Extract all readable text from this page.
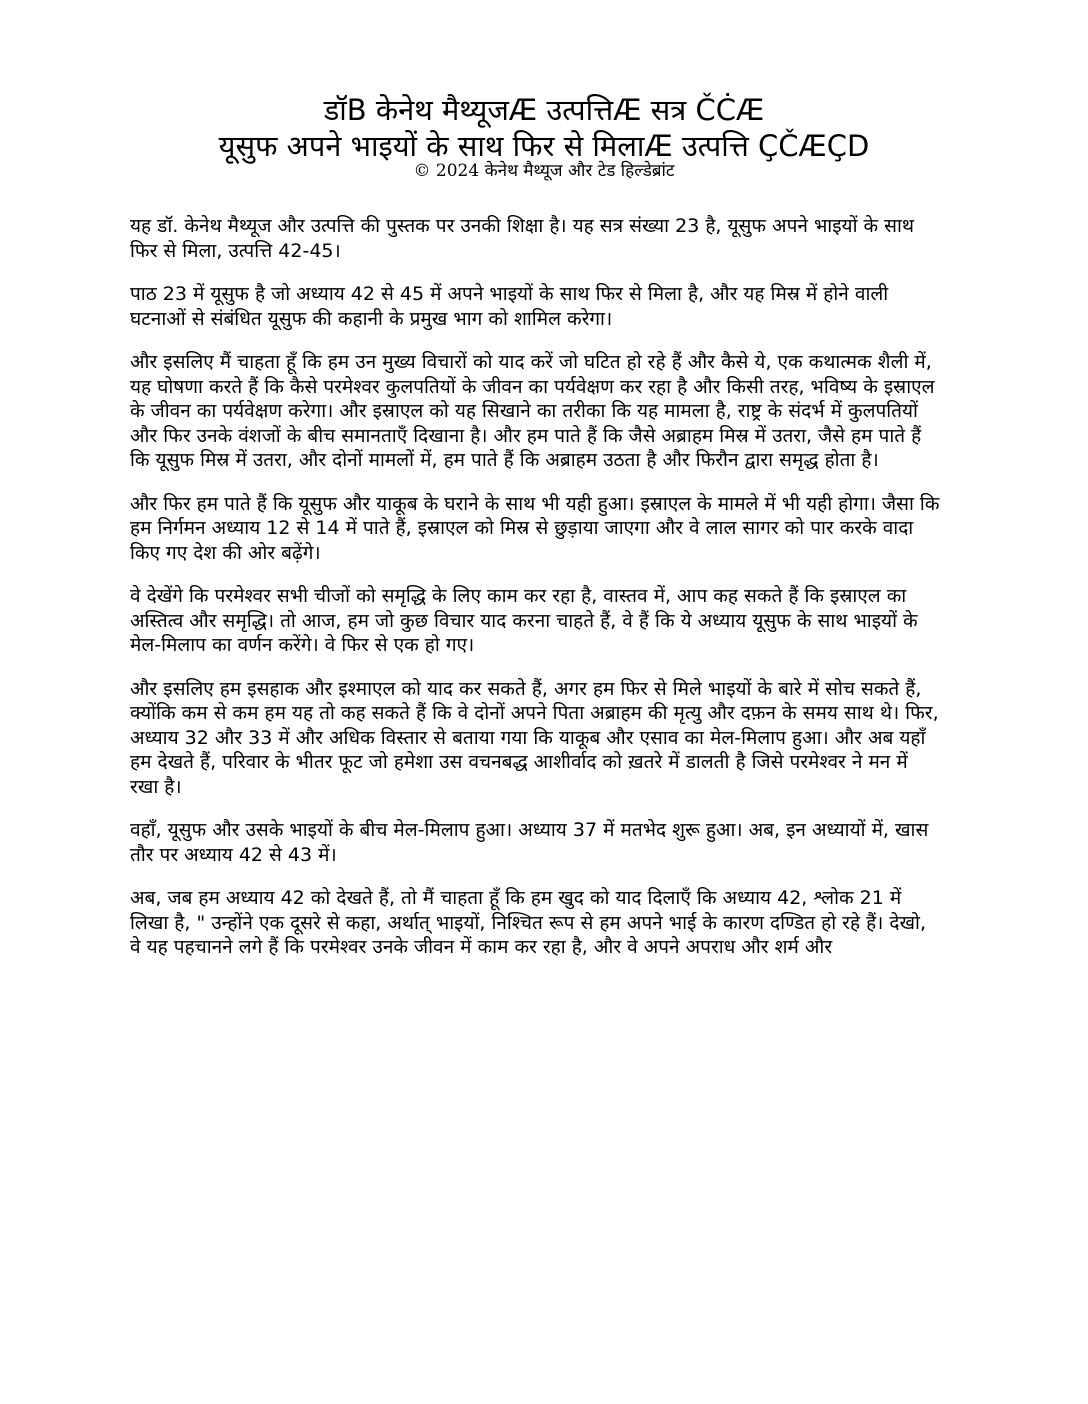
डॉB केनेथ मैथ्यूजÆ उत्पत्तिÆ सत्र ČĊÆ
यूसुफ अपने भाइयों के साथ फिर से मिलाÆ उत्पत्ति ÇČÆÇD
© 2024 केनेथ मैथ्यूज और टेड हिल्डेब्रांट

यह डॉ. केनेथ मैथ्यूज और उत्पत्ति की पुस्तक पर उनकी शिक्षा है। यह सत्र संख्या 23 है, यूसुफ अपने भाइयों के साथ फिर से मिला, उत्पत्ति 42-45।

पाठ 23 में यूसुफ है जो अध्याय 42 से 45 में अपने भाइयों के साथ फिर से मिला है, और यह मिस्र में होने वाली घटनाओं से संबंधित यूसुफ की कहानी के प्रमुख भाग को शामिल करेगा।

और इसलिए मैं चाहता हूँ कि हम उन मुख्य विचारों को याद करें जो घटित हो रहे हैं और कैसे ये, एक कथात्मक शैली में, यह घोषणा करते हैं कि कैसे परमेश्वर कुलपतियों के जीवन का पर्यवेक्षण कर रहा है और किसी तरह, भविष्य के इस्राएल के जीवन का पर्यवेक्षण करेगा। और इस्राएल को यह सिखाने का तरीका कि यह मामला है, राष्ट्र के संदर्भ में कुलपतियों और फिर उनके वंशजों के बीच समानताएँ दिखाना है। और हम पाते हैं कि जैसे अब्राहम मिस्र में उतरा, जैसे हम पाते हैं कि यूसुफ मिस्र में उतरा, और दोनों मामलों में, हम पाते हैं कि अब्राहम उठता है और फिरौन द्वारा समृद्ध होता है।

और फिर हम पाते हैं कि यूसुफ और याकूब के घराने के साथ भी यही हुआ। इस्राएल के मामले में भी यही होगा। जैसा कि हम निर्गमन अध्याय 12 से 14 में पाते हैं, इस्राएल को मिस्र से छुड़ाया जाएगा और वे लाल सागर को पार करके वादा किए गए देश की ओर बढ़ेंगे।

वे देखेंगे कि परमेश्वर सभी चीजों को समृद्धि के लिए काम कर रहा है, वास्तव में, आप कह सकते हैं कि इस्राएल का अस्तित्व और समृद्धि। तो आज, हम जो कुछ विचार याद करना चाहते हैं, वे हैं कि ये अध्याय यूसुफ के साथ भाइयों के मेल-मिलाप का वर्णन करेंगे। वे फिर से एक हो गए।

और इसलिए हम इसहाक और इश्माएल को याद कर सकते हैं, अगर हम फिर से मिले भाइयों के बारे में सोच सकते हैं, क्योंकि कम से कम हम यह तो कह सकते हैं कि वे दोनों अपने पिता अब्राहम की मृत्यु और दफ़न के समय साथ थे। फिर, अध्याय 32 और 33 में और अधिक विस्तार से बताया गया कि याकूब और एसाव का मेल-मिलाप हुआ। और अब यहाँ हम देखते हैं, परिवार के भीतर फूट जो हमेशा उस वचनबद्ध आशीर्वाद को ख़तरे में डालती है जिसे परमेश्वर ने मन में रखा है।

वहाँ, यूसुफ और उसके भाइयों के बीच मेल-मिलाप हुआ। अध्याय 37 में मतभेद शुरू हुआ। अब, इन अध्यायों में, खास तौर पर अध्याय 42 से 43 में।

अब, जब हम अध्याय 42 को देखते हैं, तो मैं चाहता हूँ कि हम खुद को याद दिलाएँ कि अध्याय 42, श्लोक 21 में लिखा है, " उन्होंने एक दूसरे से कहा, अर्थात् भाइयों, निश्चित रूप से हम अपने भाई के कारण दण्डित हो रहे हैं। देखो, वे यह पहचानने लगे हैं कि परमेश्वर उनके जीवन में काम कर रहा है, और वे अपने अपराध और शर्म और
